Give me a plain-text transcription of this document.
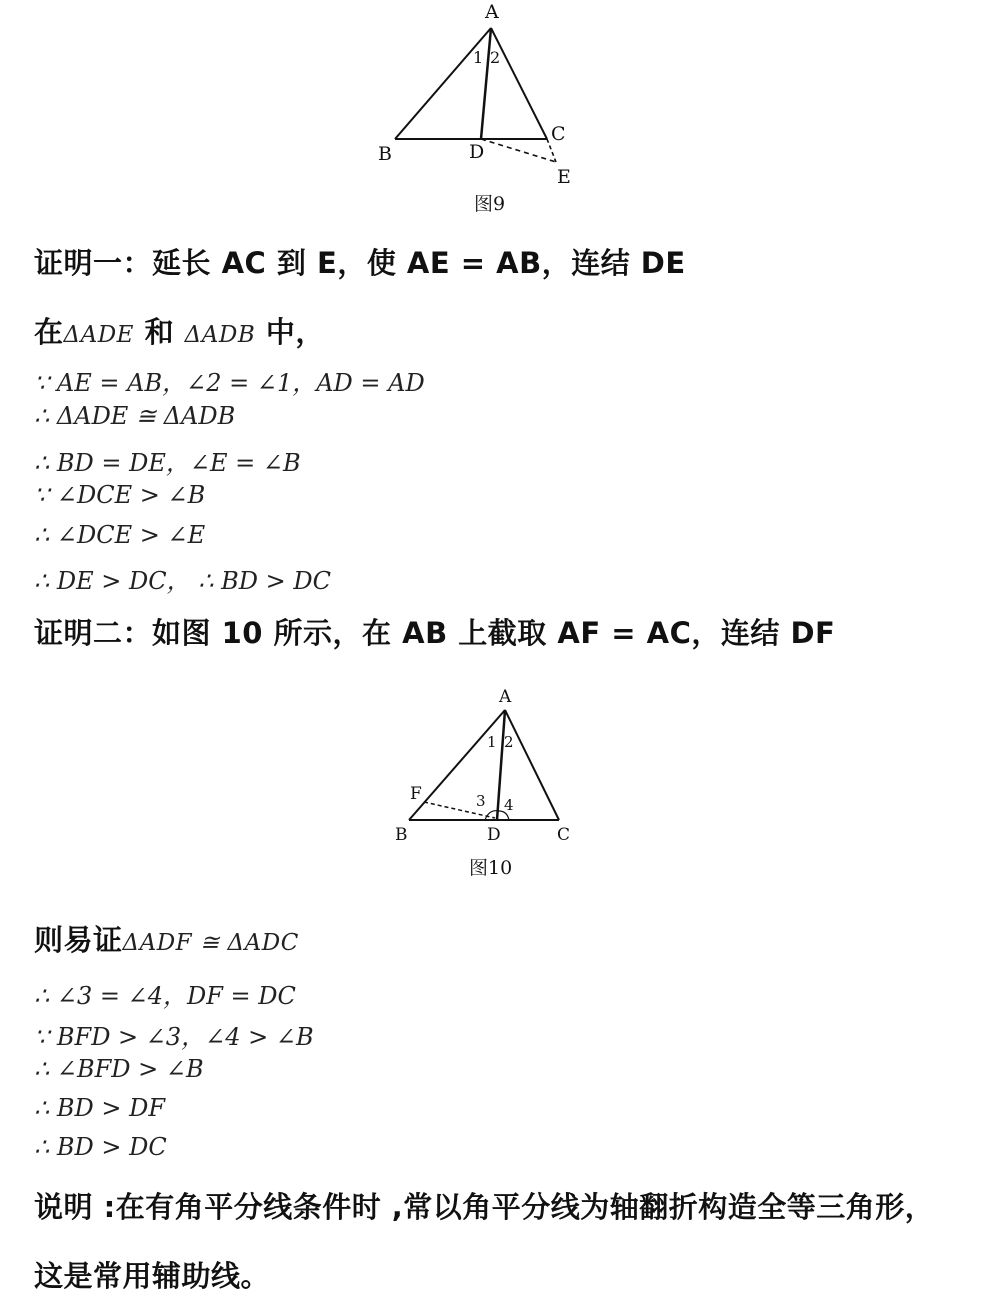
A
B
C
D
E
1 2
图9
证明一：延长 AC 到 E，使 AE = AB，连结 DE
在ΔADE 和 ΔADB 中，
∵ AE = AB，∠2 = ∠1，AD = AD
∴ ΔADE ≅ ΔADB
∴ BD = DE，∠E = ∠B
∵ ∠DCE > ∠B
∴ ∠DCE > ∠E
∴ DE > DC， ∴ BD > DC
证明二：如图 10 所示，在 AB 上截取 AF = AC，连结 DF
A
B	C
D
F
1 2
3 4
图10
则易证ΔADF ≅ ΔADC
∴ ∠3 = ∠4，DF = DC
∵ BFD > ∠3，∠4 > ∠B
∴ ∠BFD > ∠B
∴ BD > DF
∴ BD > DC
说明 :在有角平分线条件时 ,常以角平分线为轴翻折构造全等三角形，
这是常用辅助线。
